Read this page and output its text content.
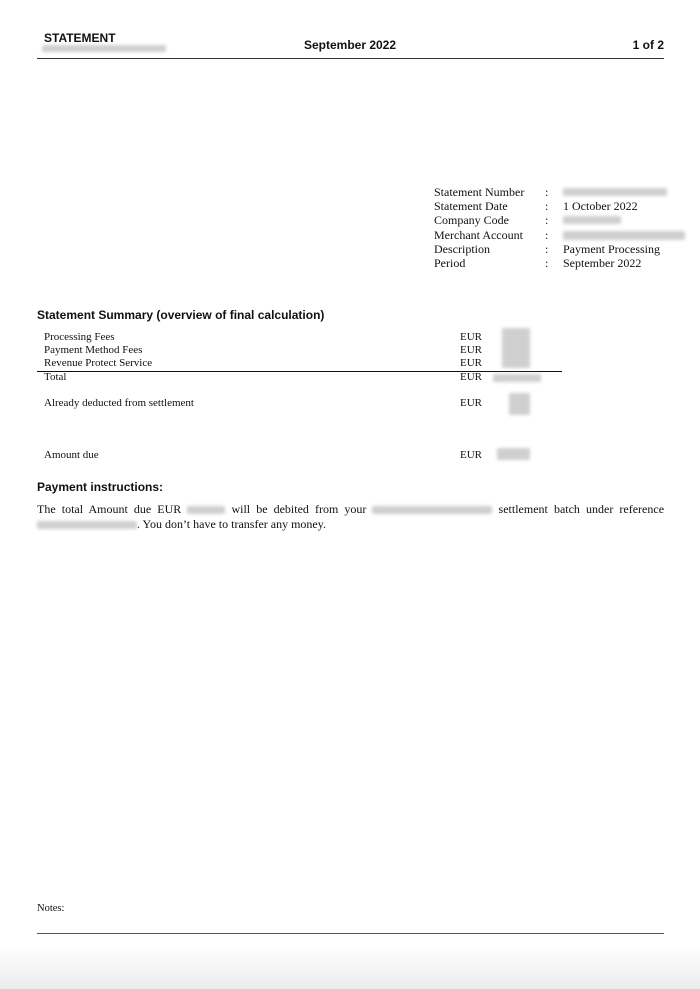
STATEMENT	September 2022	1 of 2
Statement Number	:
Statement Date	:	1 October 2022
Company Code	:
Merchant Account	:
Description	:	Payment Processing
Period	:	September 2022
Statement Summary (overview of final calculation)
Processing Fees	EUR
Payment Method Fees	EUR
Revenue Protect Service	EUR
Total	EUR
Already deducted from settlement	EUR
Amount due	EUR
Payment instructions:
The total Amount due EUR	will be debited from your	settlement batch under reference . You don’t have to transfer any money.
Notes:
